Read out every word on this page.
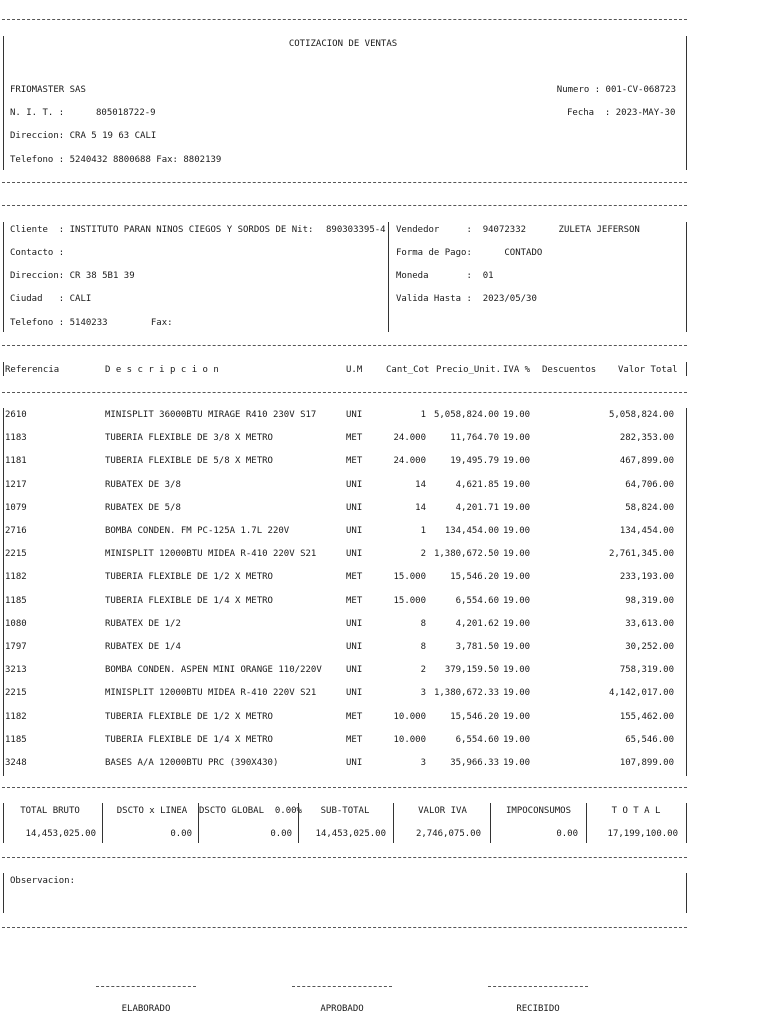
COTIZACION DE VENTAS
FRIOMASTER SAS
N. I. T. :	805018722-9
Direccion: CRA 5 19 63 CALI
Telefono : 5240432 8800688 Fax: 8802139
Numero : 001-CV-068723
Fecha  : 2023-MAY-30
Cliente  : INSTITUTO PARAN NINOS CIEGOS Y SORDOS DE Nit: 890303395-4
Contacto :
Direccion: CR 38 5B1 39
Ciudad   : CALI
Telefono : 5140233        Fax:
Vendedor     :  94072332      ZULETA JEFERSON
Forma de Pago:      CONTADO
Moneda       :  01
Valida Hasta :  2023/05/30
Referencia	D e s c r i p c i o n	U.M	Cant_Cot Precio_Unit. IVA % Descuentos Valor Total
2610	MINISPLIT 36000BTU MIRAGE R410 230V S17	UNI	1 5,058,824.00 19.00	5,058,824.00
1183	TUBERIA FLEXIBLE DE 3/8 X METRO	MET	24.000	11,764.70 19.00	282,353.00
1181	TUBERIA FLEXIBLE DE 5/8 X METRO	MET	24.000	19,495.79 19.00	467,899.00
1217	RUBATEX DE 3/8	UNI	14	4,621.85 19.00	64,706.00
1079	RUBATEX DE 5/8	UNI	14	4,201.71 19.00	58,824.00
2716	BOMBA CONDEN. FM PC-125A 1.7L 220V	UNI	1	134,454.00 19.00	134,454.00
2215	MINISPLIT 12000BTU MIDEA R-410 220V S21	UNI	2 1,380,672.50 19.00	2,761,345.00
1182	TUBERIA FLEXIBLE DE 1/2 X METRO	MET	15.000	15,546.20 19.00	233,193.00
1185	TUBERIA FLEXIBLE DE 1/4 X METRO	MET	15.000	6,554.60 19.00	98,319.00
1080	RUBATEX DE 1/2	UNI	8	4,201.62 19.00	33,613.00
1797	RUBATEX DE 1/4	UNI	8	3,781.50 19.00	30,252.00
3213	BOMBA CONDEN. ASPEN MINI ORANGE 110/220V	UNI	2	379,159.50 19.00	758,319.00
2215	MINISPLIT 12000BTU MIDEA R-410 220V S21	UNI	3 1,380,672.33 19.00	4,142,017.00
1182	TUBERIA FLEXIBLE DE 1/2 X METRO	MET	10.000	15,546.20 19.00	155,462.00
1185	TUBERIA FLEXIBLE DE 1/4 X METRO	MET	10.000	6,554.60 19.00	65,546.00
3248	BASES A/A 12000BTU PRC (390X430)	UNI	3	35,966.33 19.00	107,899.00
TOTAL BRUTO	DSCTO x LINEA	DSCTO GLOBAL  0.00%	SUB-TOTAL	VALOR IVA	IMPOCONSUMOS	T O T A L
14,453,025.00	0.00	0.00	14,453,025.00	2,746,075.00	0.00	17,199,100.00
Observacion:
ELABORADO	APROBADO	RECIBIDO
